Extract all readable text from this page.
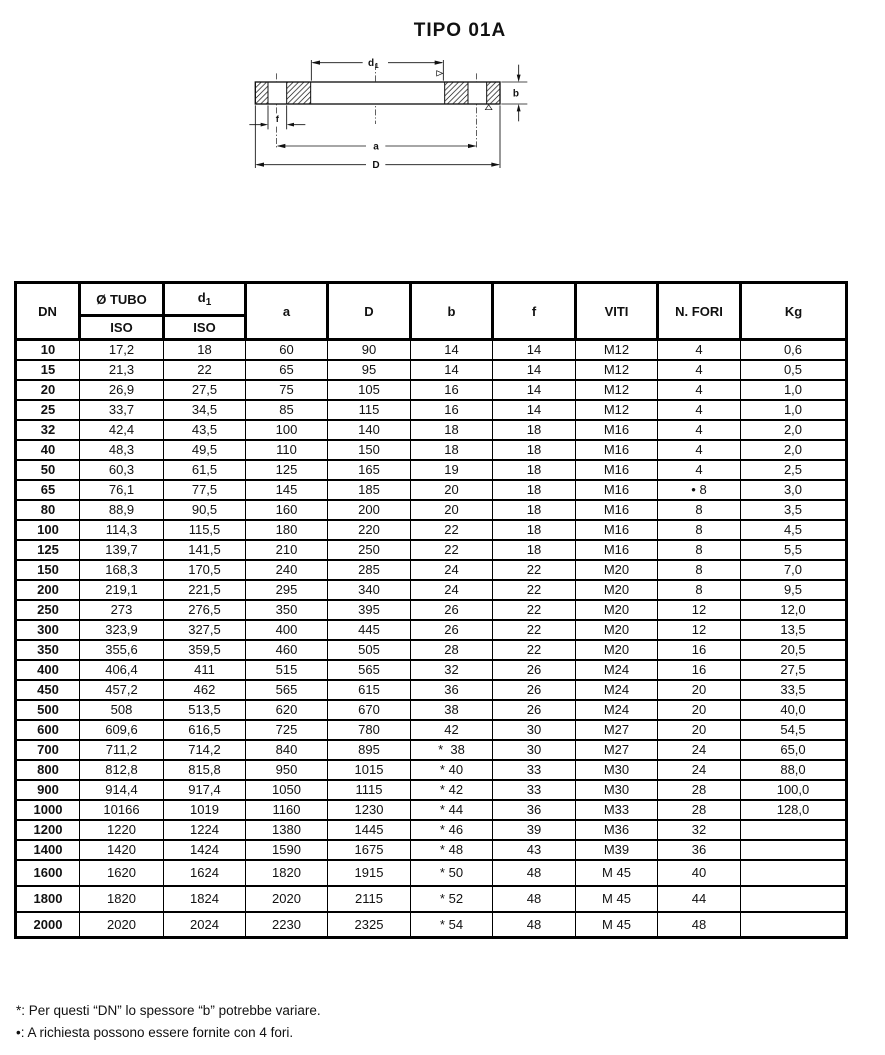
TIPO 01A
d 1
b
f
a
D
DN	Ø TUBO	$d_1$	a	D	b	f	VITI	N. FORI	Kg
	ISO	ISO							
10	17,2	18	60	90	14	14	M12	4	0,6
15	21,3	22	65	95	14	14	M12	4	0,5
20	26,9	27,5	75	105	16	14	M12	4	1,0
25	33,7	34,5	85	115	16	14	M12	4	1,0
32	42,4	43,5	100	140	18	18	M16	4	2,0
40	48,3	49,5	110	150	18	18	M16	4	2,0
50	60,3	61,5	125	165	19	18	M16	4	2,5
65	76,1	77,5	145	185	20	18	M16	• 8	3,0
80	88,9	90,5	160	200	20	18	M16	8	3,5
100	114,3	115,5	180	220	22	18	M16	8	4,5
125	139,7	141,5	210	250	22	18	M16	8	5,5
150	168,3	170,5	240	285	24	22	M20	8	7,0
200	219,1	221,5	295	340	24	22	M20	8	9,5
250	273	276,5	350	395	26	22	M20	12	12,0
300	323,9	327,5	400	445	26	22	M20	12	13,5
350	355,6	359,5	460	505	28	22	M20	16	20,5
400	406,4	411	515	565	32	26	M24	16	27,5
450	457,2	462	565	615	36	26	M24	20	33,5
500	508	513,5	620	670	38	26	M24	20	40,0
600	609,6	616,5	725	780	42	30	M27	20	54,5
700	711,2	714,2	840	895	*  38	30	M27	24	65,0
800	812,8	815,8	950	1015	* 40	33	M30	24	88,0
900	914,4	917,4	1050	1115	* 42	33	M30	28	100,0
1000	10166	1019	1160	1230	* 44	36	M33	28	128,0
1200	1220	1224	1380	1445	* 46	39	M36	32	
1400	1420	1424	1590	1675	* 48	43	M39	36	
1600	1620	1624	1820	1915	* 50	48	M 45	40	
1800	1820	1824	2020	2115	* 52	48	M 45	44	
2000	2020	2024	2230	2325	* 54	48	M 45	48	
*: Per questi “DN” lo spessore “b” potrebbe variare.
•: A richiesta possono essere fornite con 4 fori.
